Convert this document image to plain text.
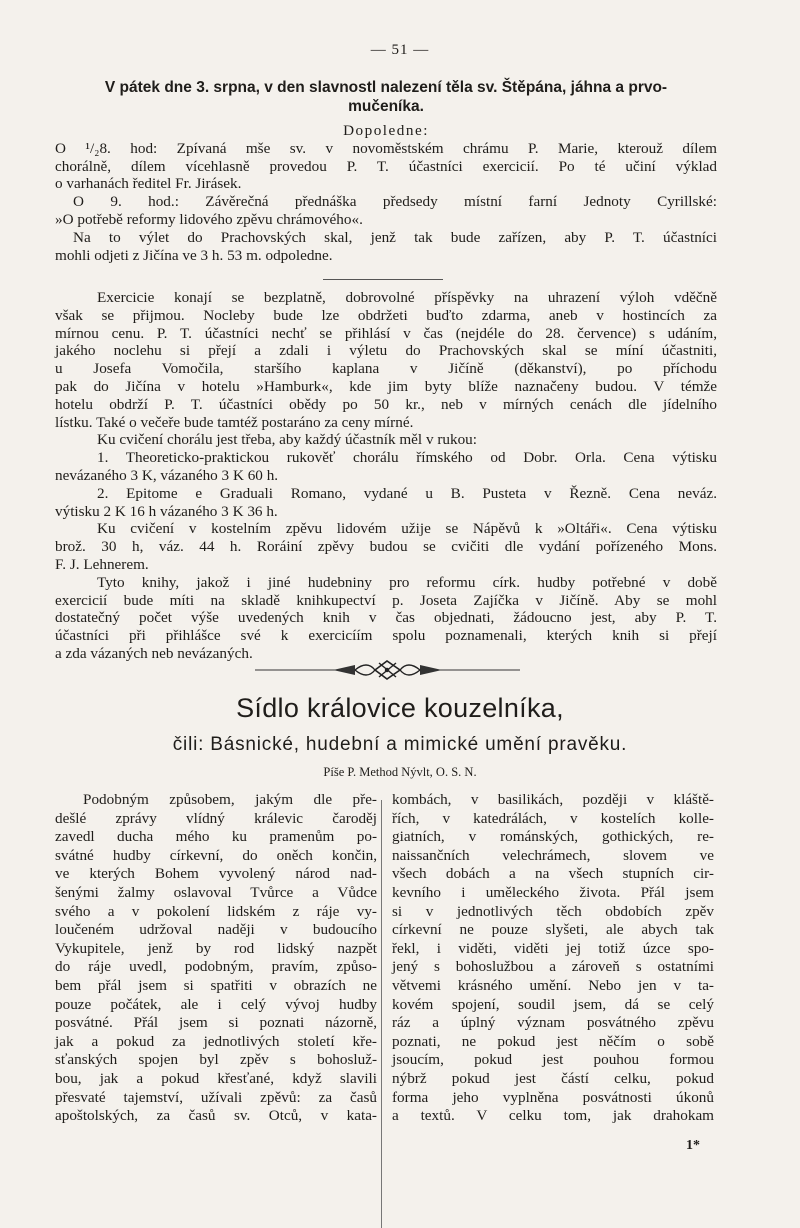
— 51 —
V pátek dne 3. srpna, v den slavnostl nalezení těla sv. Štěpána, jáhna a prvo-
mučeníka.
Dopoledne:
O ¹/₂8. hod: Zpívaná mše sv. v novoměstském chrámu P. Marie, kterouž dílem
chorálně, dílem vícehlasně provedou P. T. účastníci exercicií. Po té učiní výklad
o varhanách ředitel Fr. Jirásek.
O 9. hod.: Závěrečná přednáška předsedy místní farní Jednoty Cyrillské:
»O potřebě reformy lidového zpěvu chrámového«.
Na to výlet do Prachovských skal, jenž tak bude zařízen, aby P. T. účastníci
mohli odjeti z Jičína ve 3 h. 53 m. odpoledne.
Exercicie konají se bezplatně, dobrovolné příspěvky na uhrazení výloh vděčně
však se přijmou. Nocleby bude lze obdržeti buďto zdarma, aneb v hostincích za
mírnou cenu. P. T. účastníci nechť se přihlásí v čas (nejdéle do 28. července) s udáním,
jakého noclehu si přejí a zdali i výletu do Prachovských skal se míní účastniti,
u Josefa Vomočila, staršího kaplana v Jičíně (děkanství), po příchodu
pak do Jičína v hotelu »Hamburk«, kde jim byty blíže naznačeny budou. V témže
hotelu obdrží P. T. účastníci obědy po 50 kr., neb v mírných cenách dle jídelního
lístku. Také o večeře bude tamtéž postaráno za ceny mírné.
Ku cvičení chorálu jest třeba, aby každý účastník měl v rukou:
1. Theoreticko-praktickou rukověť chorálu římského od Dobr. Orla. Cena výtisku
nevázaného 3 K, vázaného 3 K 60 h.
2. Epitome e Graduali Romano, vydané u B. Pusteta v Řezně. Cena neváz.
výtisku 2 K 16 h vázaného 3 K 36 h.
Ku cvičení v kostelním zpěvu lidovém užije se Nápěvů k »Oltáři«. Cena výtisku
brož. 30 h, váz. 44 h. Roráiní zpěvy budou se cvičiti dle vydání pořízeného Mons.
F. J. Lehnerem.
Tyto knihy, jakož i jiné hudebniny pro reformu círk. hudby potřebné v době
exercicií bude míti na skladě knihkupectví p. Joseta Zajíčka v Jičíně. Aby se mohl
dostatečný počet výše uvedených knih v čas objednati, žádoucno jest, aby P. T.
účastníci při přihlášce své k exercicíím spolu poznamenali, kterých knih si přejí
a zda vázaných neb nevázaných.
Sídlo královice kouzelníka,
čili: Básnické, hudební a mimické umění pravěku.
Píše P. Method Nývlt, O. S. N.
Podobným způsobem, jakým dle pře-
dešlé zprávy vlídný králevic čaroděj
zavedl ducha mého ku pramenům po-
svátné hudby církevní, do oněch končin,
ve kterých Bohem vyvolený národ nad-
šenými žalmy oslavoval Tvůrce a Vůdce
svého a v pokolení lidském z ráje vy-
loučeném udržoval naději v budoucího
Vykupitele, jenž by rod lidský nazpět
do ráje uvedl, podobným, pravím, způso-
bem přál jsem si spatřiti v obrazích ne
pouze počátek, ale i celý vývoj hudby
posvátné. Přál jsem si poznati názorně,
jak a pokud za jednotlivých století kře-
sťanských spojen byl zpěv s bohosluž-
bou, jak a pokud křesťané, když slavili
přesvaté tajemství, užívali zpěvů: za časů
apoštolských, za časů sv. Otců, v kata-
kombách, v basilikách, později v kláště-
řích, v katedrálách, v kostelích kolle-
giatních, v románských, gothických, re-
naissančních velechrámech, slovem ve
všech dobách a na všech stupních cir-
kevního i uměleckého života. Přál jsem
si v jednotlivých těch obdobích zpěv
církevní ne pouze slyšeti, ale abych tak
řekl, i viděti, viděti jej totiž úzce spo-
jený s bohoslužbou a zároveň s ostatními
větvemi krásného umění. Nebo jen v ta-
kovém spojení, soudil jsem, dá se celý
ráz a úplný význam posvátného zpěvu
poznati, ne pokud jest něčím o sobě
jsoucím, pokud jest pouhou formou
nýbrž pokud jest částí celku, pokud
forma jeho vyplněna posvátnosti úkonů
a textů. V celku tom, jak drahokam
1*
